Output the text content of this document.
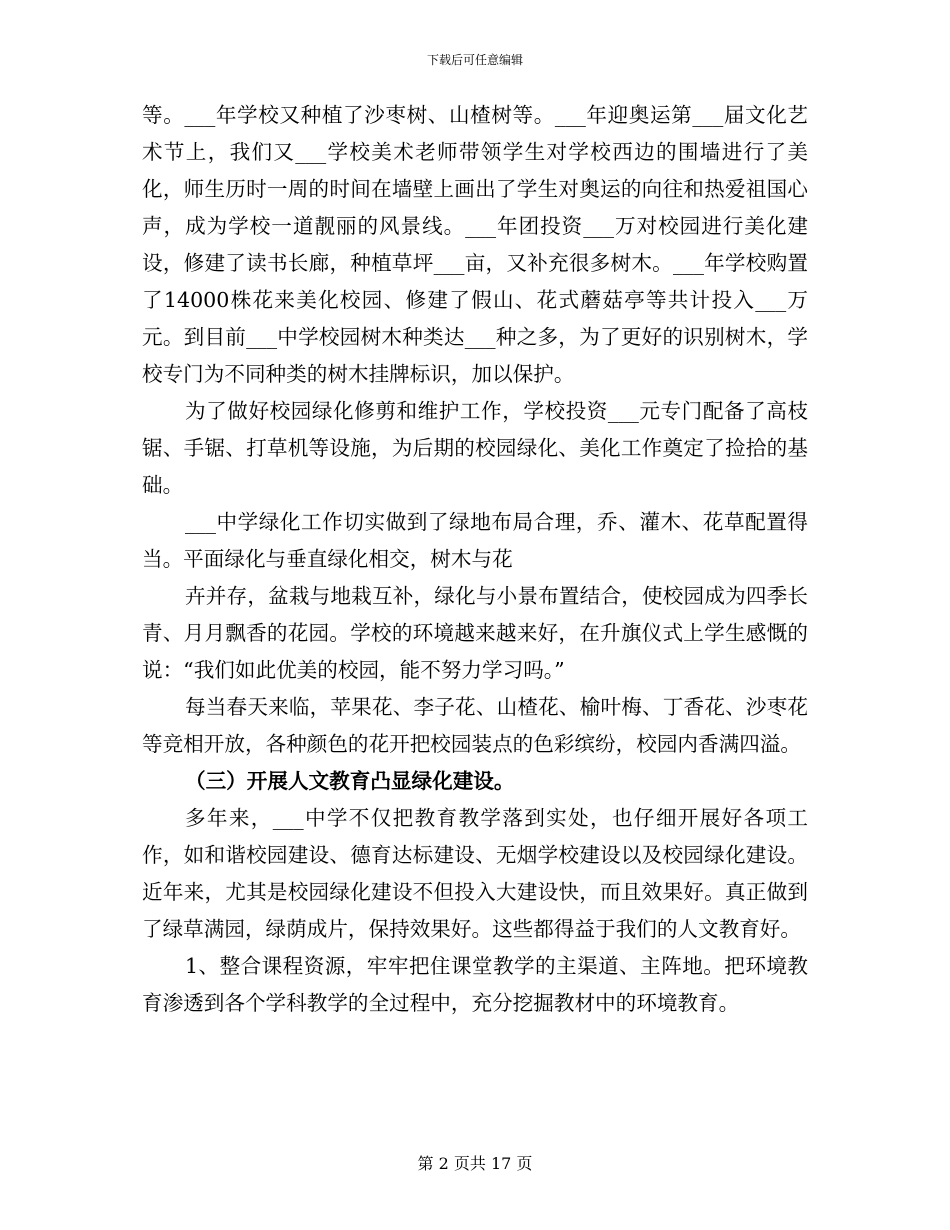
下载后可任意编辑

等。___年学校又种植了沙枣树、山楂树等。___年迎奥运第___届文化艺术节上，我们又___学校美术老师带领学生对学校西边的围墙进行了美化，师生历时一周的时间在墙壁上画出了学生对奥运的向往和热爱祖国心声，成为学校一道靓丽的风景线。___年团投资___万对校园进行美化建设，修建了读书长廊，种植草坪___亩，又补充很多树木。___年学校购置了14000株花来美化校园、修建了假山、花式蘑菇亭等共计投入___万元。到目前___中学校园树木种类达___种之多，为了更好的识别树木，学校专门为不同种类的树木挂牌标识，加以保护。

为了做好校园绿化修剪和维护工作，学校投资___元专门配备了高枝锯、手锯、打草机等设施，为后期的校园绿化、美化工作奠定了捡拾的基础。

___中学绿化工作切实做到了绿地布局合理，乔、灌木、花草配置得当。平面绿化与垂直绿化相交，树木与花

卉并存，盆栽与地栽互补，绿化与小景布置结合，使校园成为四季长青、月月飘香的花园。学校的环境越来越来好，在升旗仪式上学生感慨的说：“我们如此优美的校园，能不努力学习吗。”

每当春天来临，苹果花、李子花、山楂花、榆叶梅、丁香花、沙枣花等竞相开放，各种颜色的花开把校园装点的色彩缤纷，校园内香满四溢。

（三）开展人文教育凸显绿化建设。

多年来，___中学不仅把教育教学落到实处，也仔细开展好各项工作，如和谐校园建设、德育达标建设、无烟学校建设以及校园绿化建设。近年来，尤其是校园绿化建设不但投入大建设快，而且效果好。真正做到了绿草满园，绿荫成片，保持效果好。这些都得益于我们的人文教育好。

1、整合课程资源，牢牢把住课堂教学的主渠道、主阵地。把环境教育渗透到各个学科教学的全过程中，充分挖掘教材中的环境教育。

第 2 页共 17 页
